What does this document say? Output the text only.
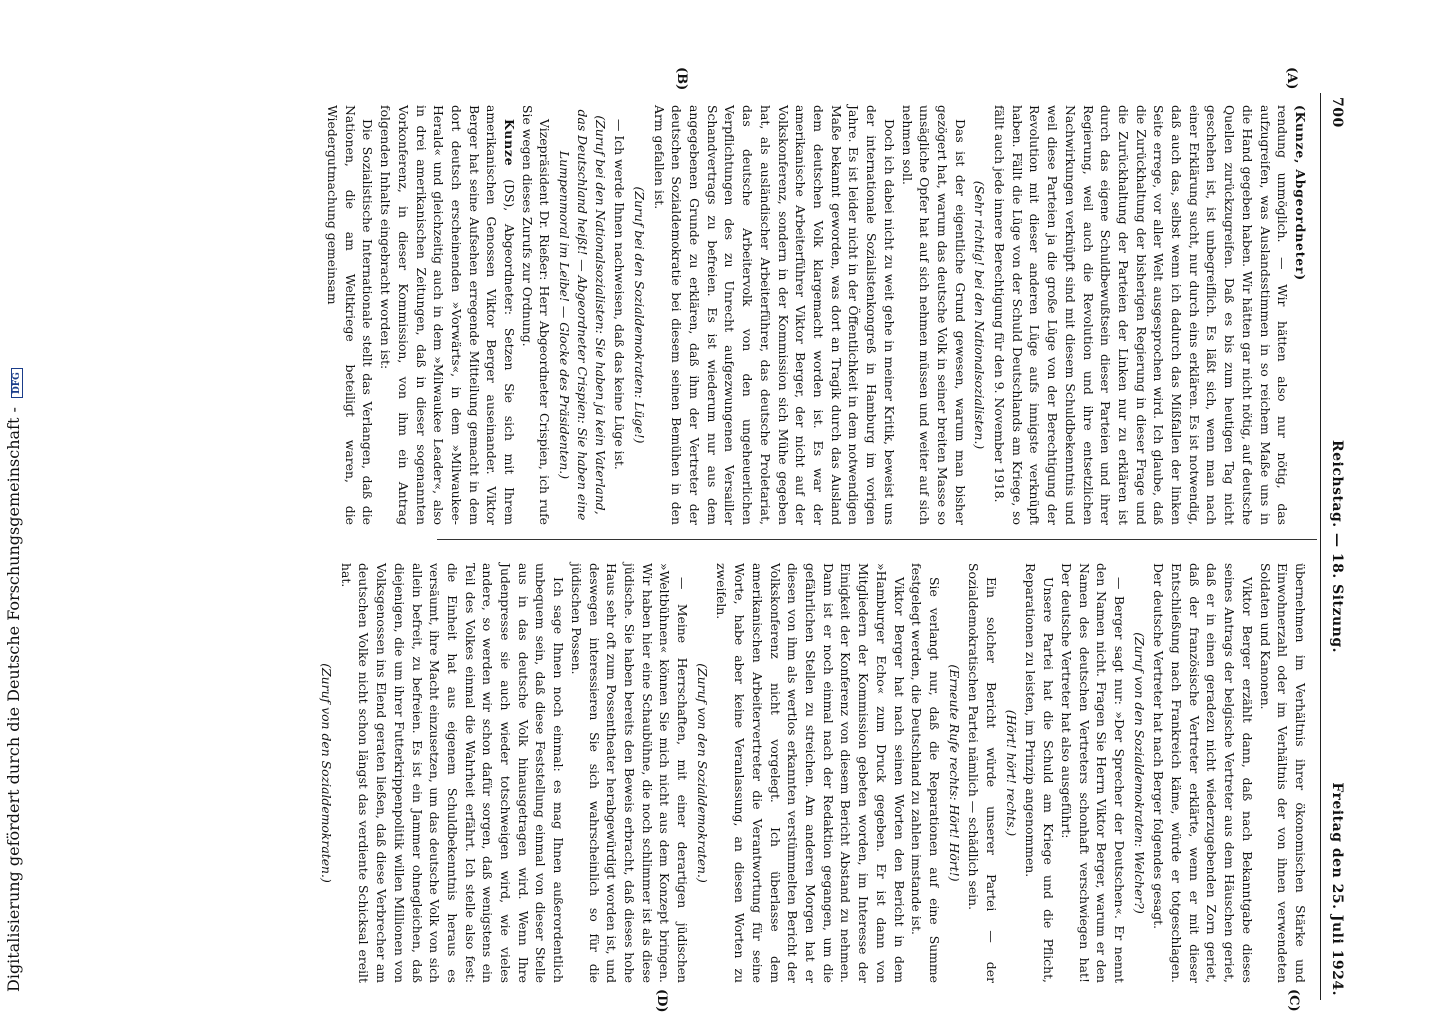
700
Reichstag. — 18. Sitzung.
Freitag den 25. Juli 1924.
(A)
(B)
(C)
(D)

(Kunze, Abgeordneter)

rendung unmöglich. — Wir hätten also nur nötig, das aufzugreifen, was Auslandsstimmen in so reichem Maße uns in die Hand gegeben haben. Wir hätten gar nicht nötig, auf deutsche Quellen zurückzugreifen. Daß es bis zum heutigen Tag nicht geschehen ist, ist unbegreiflich. Es läßt sich, wenn man nach einer Erklärung sucht, nur durch eins erklären. Es ist notwendig, daß auch das, selbst wenn ich dadurch das Mißfallen der linken Seite errege, vor aller Welt ausgesprochen wird. Ich glaube, daß die Zurückhaltung der bisherigen Regierung in dieser Frage und die Zurückhaltung der Parteien der Linken nur zu erklären ist durch das eigene Schuldbewußtsein dieser Parteien und ihrer Regierung, weil auch die Revolution und ihre entsetzlichen Nachwirkungen verknüpft sind mit diesem Schuldbekenntnis und weil diese Parteien ja die große Lüge von der Berechtigung der Revolution mit dieser anderen Lüge aufs innigste verknüpft haben. Fällt die Lüge von der Schuld Deutschlands am Kriege, so fällt auch jede innere Berechtigung für den 9. November 1918.

(Sehr richtig! bei den Nationalsozialisten.)

Das ist der eigentliche Grund gewesen, warum man bisher gezögert hat, warum das deutsche Volk in seiner breiten Masse so unsägliche Opfer hat auf sich nehmen müssen und weiter auf sich nehmen soll.

Doch ich dabei nicht zu weit gehe in meiner Kritik, beweist uns der internationale Sozialistenkongreß in Hamburg im vorigen Jahre. Es ist leider nicht in der Öffentlichkeit in dem notwendigen Maße bekannt geworden, was dort an Tragik durch das Ausland dem deutschen Volk klargemacht worden ist. Es war der amerikanische Arbeiterführer Viktor Berger, der nicht auf der Volkskonferenz, sondern in der Kommission sich Mühe gegeben hat, als ausländischer Arbeiterführer, das deutsche Proletariat, das deutsche Arbeitervolk von den ungeheuerlichen Verpflichtungen des zu Unrecht aufgezwungenen Versailler Schandvertrags zu befreien. Es ist wiederum nur aus dem angegebenen Grunde zu erklären, daß ihm der Vertreter der deutschen Sozialdemokratie bei diesem seinen Bemühen in den Arm gefallen ist.

(Zuruf bei den Sozialdemokraten: Lüge!)

— Ich werde Ihnen nachweisen, daß das keine Lüge ist.

(Zuruf bei den Nationalsozialisten: Sie haben ja kein Vaterland, das Deutschland heißt! — Abgeordneter Crispien: Sie haben eine Lumpenmoral im Leibe! — Glocke des Präsidenten.)

Vizepräsident Dr. Rießer: Herr Abgeordneter Crispien, ich rufe Sie wegen dieses Zurufs zur Ordnung.

Kunze (DS), Abgeordneter: Setzen Sie sich mit Ihrem amerikanischen Genossen Viktor Berger auseinander. Viktor Berger hat seine Aufsehen erregende Mitteilung gemacht in dem dort deutsch erscheinenden »Vorwärts«, in dem »Milwaukee-Herald« und gleichzeitig auch in dem »Milwaukee Leader«, also in drei amerikanischen Zeitungen, daß in dieser sogenannten Vorkonferenz, in dieser Kommission, von ihm ein Antrag folgenden Inhalts eingebracht worden ist:

Die Sozialistische Internationale stellt das Verlangen, daß die Nationen, die am Weltkriege beteiligt waren, die Wiedergutmachung gemeinsam

übernehmen im Verhältnis ihrer ökonomischen Stärke und Einwohnerzahl oder im Verhältnis der von ihnen verwendeten Soldaten und Kanonen.

Viktor Berger erzählt dann, daß nach Bekanntgabe dieses seines Antrags der belgische Vertreter aus dem Häuschen geriet, daß er in einen geradezu nicht wiederzugebenden Zorn geriet, daß der französische Vertreter erklärte, wenn er mit dieser Entschließung nach Frankreich käme, würde er totgeschlagen. Der deutsche Vertreter hat nach Berger folgendes gesagt.

(Zuruf von den Sozialdemokraten: Welcher?)

— Berger sagt nur: »Der Sprecher der Deutschen«. Er nennt den Namen nicht. Fragen Sie Herrn Viktor Berger, warum er den Namen des deutschen Vertreters schonhaft verschwiegen hat! Der deutsche Vertreter hat also ausgeführt:

Unsere Partei hat die Schuld am Kriege und die Pflicht, Reparationen zu leisten, im Prinzip angenommen.

(Hört! hört! rechts.)

Ein solcher Bericht würde unserer Partei — der Sozialdemokratischen Partei nämlich — schädlich sein.

(Erneute Rufe rechts: Hört! Hört!)

Sie verlangt nur, daß die Reparationen auf eine Summe festgelegt werden, die Deutschland zu zahlen imstande ist.

Viktor Berger hat nach seinen Worten den Bericht in dem »Hamburger Echo« zum Druck gegeben. Er ist dann von Mitgliedern der Kommission gebeten worden, im Interesse der Einigkeit der Konferenz von diesem Bericht Abstand zu nehmen. Dann ist er noch einmal nach der Redaktion gegangen, um die gefährlichen Stellen zu streichen. Am anderen Morgen hat er diesen von ihm als wertlos erkannten verstümmelten Bericht der Volkskonferenz nicht vorgelegt. Ich überlasse dem amerikanischen Arbeitervertreter die Verantwortung für seine Worte, habe aber keine Veranlassung, an diesen Worten zu zweifeln.

(Zuruf von den Sozialdemokraten.)

— Meine Herrschaften, mit einer derartigen jüdischen »Weltbühnen« können Sie mich nicht aus dem Konzept bringen. Wir haben hier eine Schaubühne, die noch schlimmer ist als diese jüdische. Sie haben bereits den Beweis erbracht, daß dieses hohe Haus sehr oft zum Possentheater herabgewürdigt worden ist, und deswegen interessieren Sie sich wahrscheinlich so für die jüdischen Possen.

Ich sage Ihnen noch einmal: es mag Ihnen außerordentlich unbequem sein, daß diese Feststellung einmal von dieser Stelle aus in das deutsche Volk hinausgetragen wird. Wenn Ihre Judenpresse sie auch wieder totschweigen wird, wie vieles andere, so werden wir schon dafür sorgen, daß wenigstens ein Teil des Volkes einmal die Wahrheit erfährt. Ich stelle also fest: die Einheit hat aus eigenem Schuldbekenntnis heraus es versäumt, ihre Macht einzusetzen, um das deutsche Volk von sich allein befreit, zu befreien. Es ist ein Jammer ohnegleichen, daß diejenigen, die um ihrer Futterkrippenpolitik willen Millionen von Volksgenossen ins Elend geraten ließen, daß diese Verbrecher am deutschen Volke nicht schon längst das verdiente Schicksal ereilt hat.

(Zuruf von den Sozialdemokraten.)

Digitalisierung gefördert durch die Deutsche Forschungsgemeinschaft - DFG
